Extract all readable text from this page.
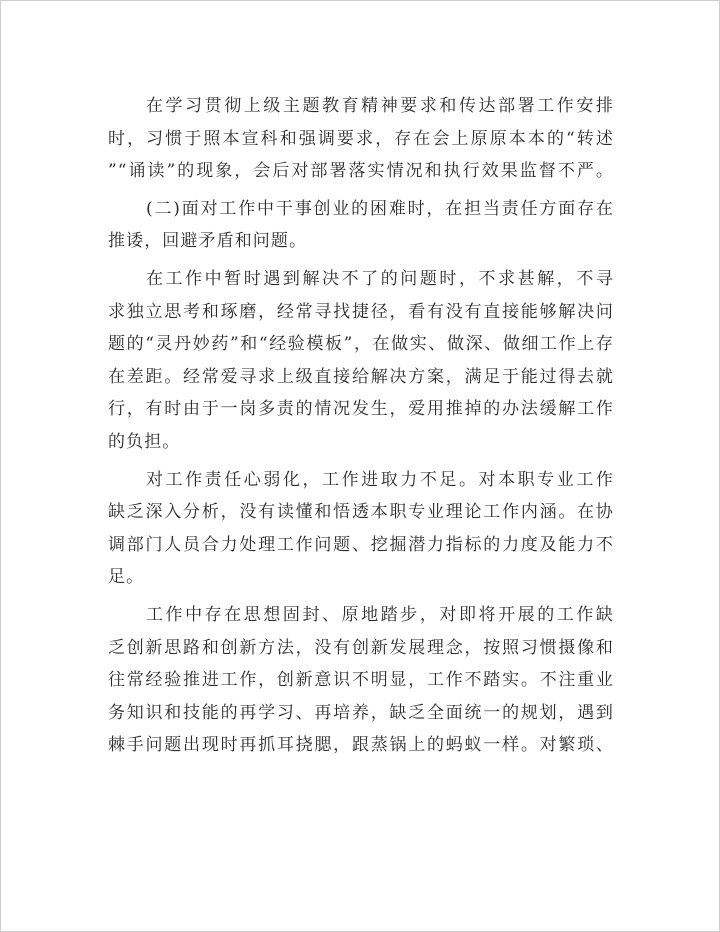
在学习贯彻上级主题教育精神要求和传达部署工作安排
时，习惯于照本宣科和强调要求，存在会上原原本本的“转述
”“诵读”的现象，会后对部署落实情况和执行效果监督不严。
(二)面对工作中干事创业的困难时，在担当责任方面存在
推诿，回避矛盾和问题。
在工作中暂时遇到解决不了的问题时，不求甚解，不寻
求独立思考和琢磨，经常寻找捷径，看有没有直接能够解决问
题的“灵丹妙药”和“经验模板”，在做实、做深、做细工作上存
在差距。经常爱寻求上级直接给解决方案，满足于能过得去就
行，有时由于一岗多责的情况发生，爱用推掉的办法缓解工作
的负担。
对工作责任心弱化，工作进取力不足。对本职专业工作
缺乏深入分析，没有读懂和悟透本职专业理论工作内涵。在协
调部门人员合力处理工作问题、挖掘潜力指标的力度及能力不
足。
工作中存在思想固封、原地踏步，对即将开展的工作缺
乏创新思路和创新方法，没有创新发展理念，按照习惯摄像和
往常经验推进工作，创新意识不明显，工作不踏实。不注重业
务知识和技能的再学习、再培养，缺乏全面统一的规划，遇到
棘手问题出现时再抓耳挠腮，跟蒸锅上的蚂蚁一样。对繁琐、
